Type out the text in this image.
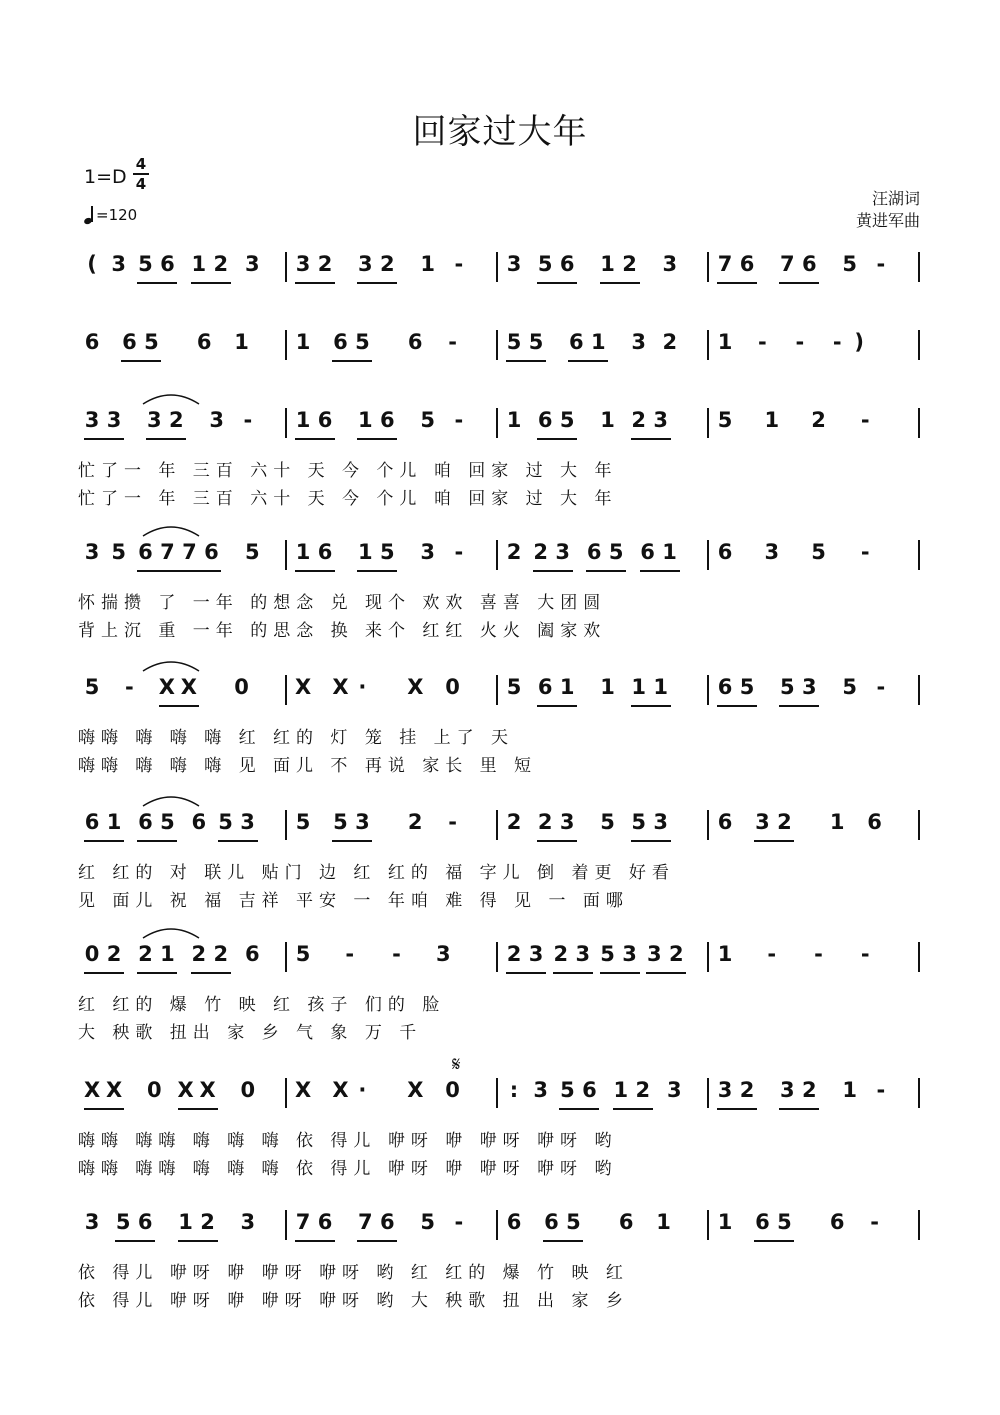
回家过大年
1=D
4
4
=120
汪湖词
黄进军曲
( 3 5 6 1 2 3 3 2 3 2 1 - 3 5 6 1 2 3 7 6 7 6 5 -
6 6 5 6 1 1 6 5 6 - 5 5 6 1 3 2 1 - - - )
3 3 3 2 3 - 1 6 1 6 5 - 1 6 5 1 2 3 5 1 2 -
忙了一 年 三百 六十 天 今 个儿 咱 回家 过 大 年
忙了一 年 三百 六十 天 今 个儿 咱 回家 过 大 年
3 5 6 7 7 6 5 1 6 1 5 3 - 2 2 3 6 5 6 1 6 3 5 -
怀揣攒 了 一年 的想念 兑 现个 欢欢 喜喜 大团圆
背上沉 重 一年 的思念 换 来个 红红 火火 阖家欢
5 - X X 0 X X · X 0 5 6 1 1 1 1 6 5 5 3 5 -
嗨嗨 嗨 嗨 嗨 红 红的 灯 笼 挂 上了 天
嗨嗨 嗨 嗨 嗨 见 面儿 不 再说 家长 里 短
6 1 6 5 6 5 3 5 5 3 2 - 2 2 3 5 5 3 6 3 2 1 6
红 红的 对 联儿 贴门 边 红 红的 福 字儿 倒 着更 好看
见 面儿 祝 福 吉祥 平安 一 年咱 难 得 见 一 面哪
0 2 2 1 2 2 6 5 - - 3	2 3 2 3 5 3 3 2 1 - - -
红 红的 爆 竹 映 红 孩子 们的 脸
大 秧歌 扭出 家 乡 气 象 万 千
X X 0 X X 0 X X · X 0 : 3 5 6 1 2 3 3 2 3 2 1 -
嗨嗨 嗨嗨 嗨 嗨 嗨 依 得儿 咿呀 咿 咿呀 咿呀 哟
嗨嗨 嗨嗨 嗨 嗨 嗨 依 得儿 咿呀 咿 咿呀 咿呀 哟
3 5 6 1 2 3 7 6 7 6 5 - 6 6 5 6 1 1 6 5 6 -
依 得儿 咿呀 咿 咿呀 咿呀 哟 红 红的 爆 竹 映 红
依 得儿 咿呀 咿 咿呀 咿呀 哟 大 秧歌 扭 出 家 乡
𝄋
